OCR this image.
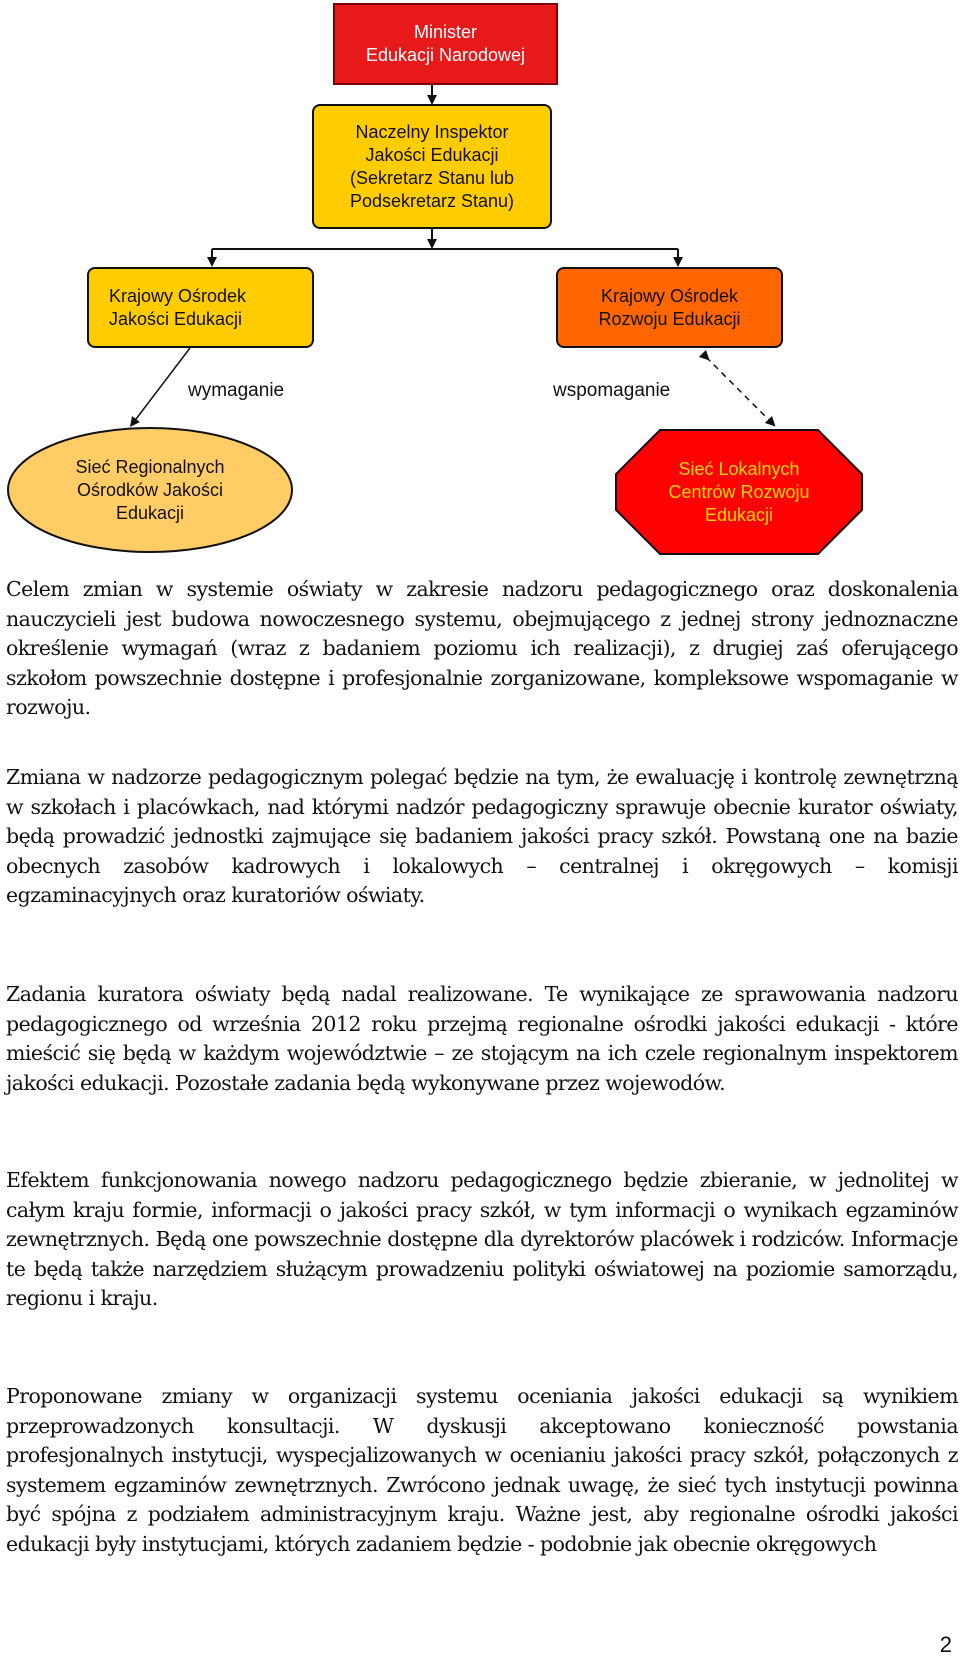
Minister
Edukacji Narodowej
Naczelny Inspektor
Jakości Edukacji
(Sekretarz Stanu lub
Podsekretarz Stanu)
Krajowy Ośrodek
Jakości Edukacji
Krajowy Ośrodek
Rozwoju Edukacji
wymaganie	wspomaganie
Sieć Regionalnych
Ośrodków Jakości
Edukacji
Sieć Lokalnych
Centrów Rozwoju
Edukacji

Celem zmian w systemie oświaty w zakresie nadzoru pedagogicznego oraz doskonalenia nauczycieli jest budowa nowoczesnego systemu, obejmującego z jednej strony jednoznaczne określenie wymagań (wraz z badaniem poziomu ich realizacji), z drugiej zaś oferującego szkołom powszechnie dostępne i profesjonalnie zorganizowane, kompleksowe wspomaganie w rozwoju.

Zmiana w nadzorze pedagogicznym polegać będzie na tym, że ewaluację i kontrolę zewnętrzną w szkołach i placówkach, nad którymi nadzór pedagogiczny sprawuje obecnie kurator oświaty, będą prowadzić jednostki zajmujące się badaniem jakości pracy szkół. Powstaną one na bazie obecnych zasobów kadrowych i lokalowych – centralnej i okręgowych – komisji egzaminacyjnych oraz kuratoriów oświaty.

Zadania kuratora oświaty będą nadal realizowane. Te wynikające ze sprawowania nadzoru pedagogicznego od września 2012 roku przejmą regionalne ośrodki jakości edukacji - które mieścić się będą w każdym województwie – ze stojącym na ich czele regionalnym inspektorem jakości edukacji. Pozostałe zadania będą wykonywane przez wojewodów.

Efektem funkcjonowania nowego nadzoru pedagogicznego będzie zbieranie, w jednolitej w całym kraju formie, informacji o jakości pracy szkół, w tym informacji o wynikach egzaminów zewnętrznych. Będą one powszechnie dostępne dla dyrektorów placówek i rodziców. Informacje te będą także narzędziem służącym prowadzeniu polityki oświatowej na poziomie samorządu, regionu i kraju.

Proponowane zmiany w organizacji systemu oceniania jakości edukacji są wynikiem przeprowadzonych konsultacji. W dyskusji akceptowano konieczność powstania profesjonalnych instytucji, wyspecjalizowanych w ocenianiu jakości pracy szkół, połączonych z systemem egzaminów zewnętrznych. Zwrócono jednak uwagę, że sieć tych instytucji powinna być spójna z podziałem administracyjnym kraju. Ważne jest, aby regionalne ośrodki jakości edukacji były instytucjami, których zadaniem będzie - podobnie jak obecnie okręgowych

2
